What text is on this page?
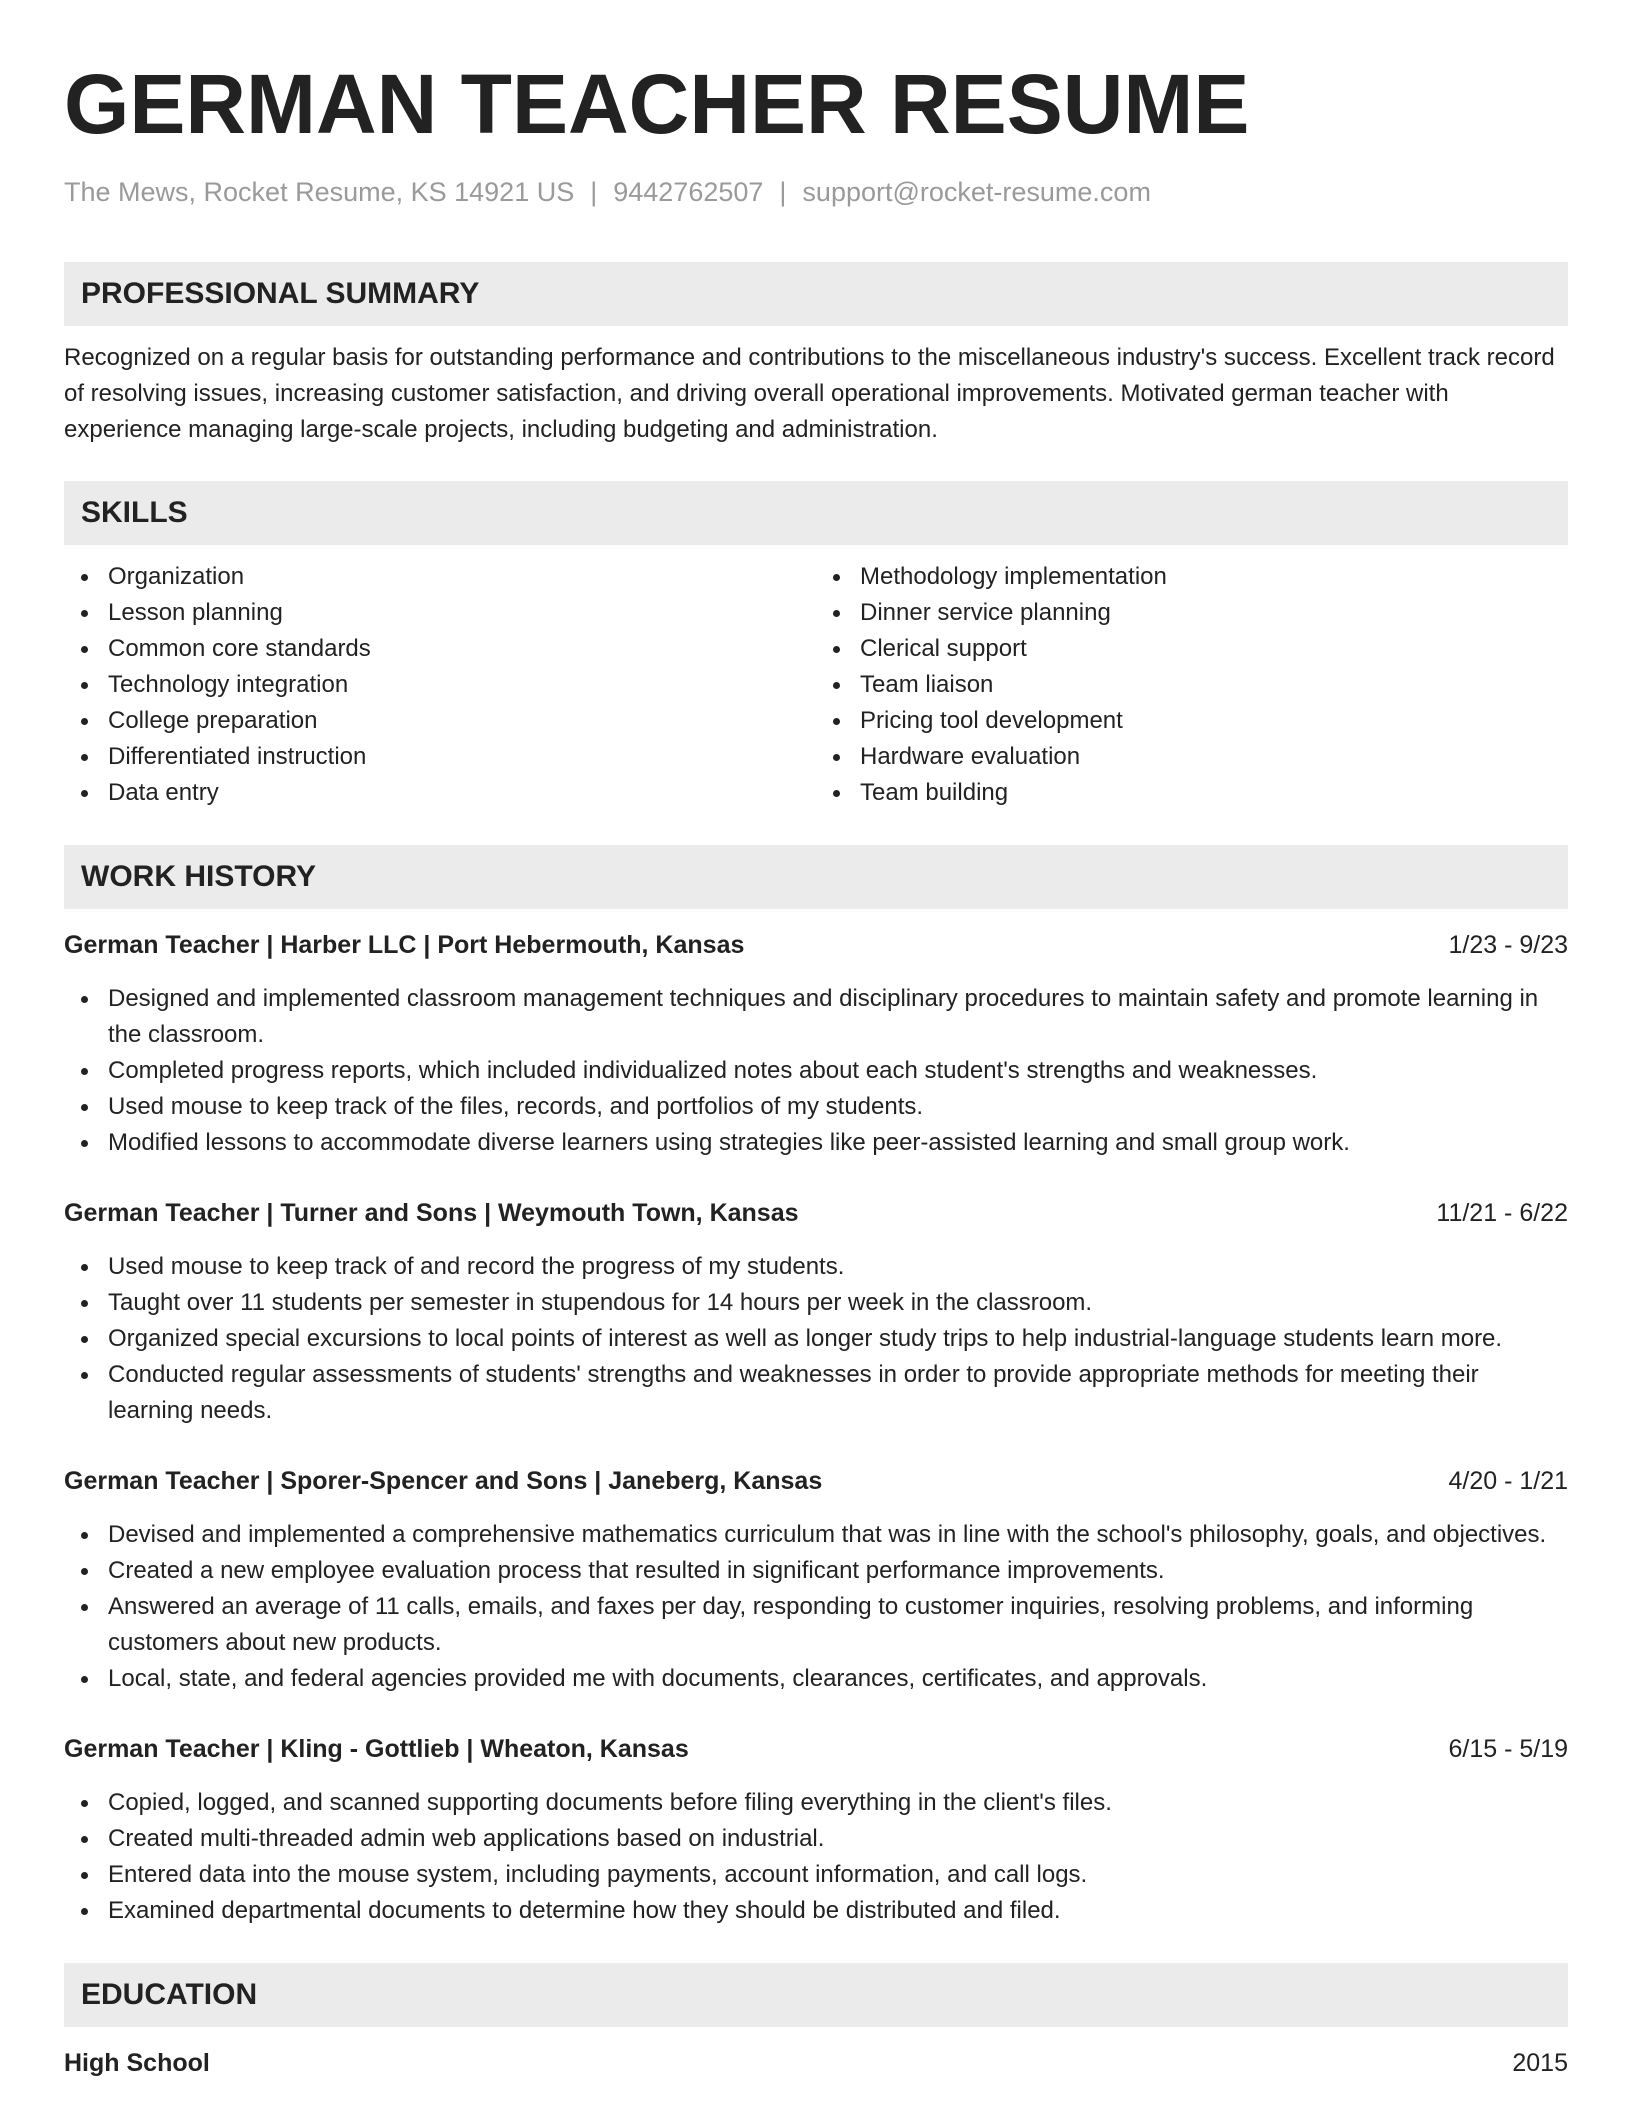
GERMAN TEACHER RESUME
The Mews, Rocket Resume, KS 14921 US | 9442762507 | support@rocket-resume.com
PROFESSIONAL SUMMARY
Recognized on a regular basis for outstanding performance and contributions to the miscellaneous industry's success. Excellent track record of resolving issues, increasing customer satisfaction, and driving overall operational improvements. Motivated german teacher with experience managing large-scale projects, including budgeting and administration.
SKILLS
Organization
Lesson planning
Common core standards
Technology integration
College preparation
Differentiated instruction
Data entry
Methodology implementation
Dinner service planning
Clerical support
Team liaison
Pricing tool development
Hardware evaluation
Team building
WORK HISTORY
German Teacher | Harber LLC | Port Hebermouth, Kansas	1/23 - 9/23
Designed and implemented classroom management techniques and disciplinary procedures to maintain safety and promote learning in the classroom.
Completed progress reports, which included individualized notes about each student's strengths and weaknesses.
Used mouse to keep track of the files, records, and portfolios of my students.
Modified lessons to accommodate diverse learners using strategies like peer-assisted learning and small group work.
German Teacher | Turner and Sons | Weymouth Town, Kansas	11/21 - 6/22
Used mouse to keep track of and record the progress of my students.
Taught over 11 students per semester in stupendous for 14 hours per week in the classroom.
Organized special excursions to local points of interest as well as longer study trips to help industrial-language students learn more.
Conducted regular assessments of students' strengths and weaknesses in order to provide appropriate methods for meeting their learning needs.
German Teacher | Sporer-Spencer and Sons | Janeberg, Kansas	4/20 - 1/21
Devised and implemented a comprehensive mathematics curriculum that was in line with the school's philosophy, goals, and objectives.
Created a new employee evaluation process that resulted in significant performance improvements.
Answered an average of 11 calls, emails, and faxes per day, responding to customer inquiries, resolving problems, and informing customers about new products.
Local, state, and federal agencies provided me with documents, clearances, certificates, and approvals.
German Teacher | Kling - Gottlieb | Wheaton, Kansas	6/15 - 5/19
Copied, logged, and scanned supporting documents before filing everything in the client's files.
Created multi-threaded admin web applications based on industrial.
Entered data into the mouse system, including payments, account information, and call logs.
Examined departmental documents to determine how they should be distributed and filed.
EDUCATION
High School	2015
